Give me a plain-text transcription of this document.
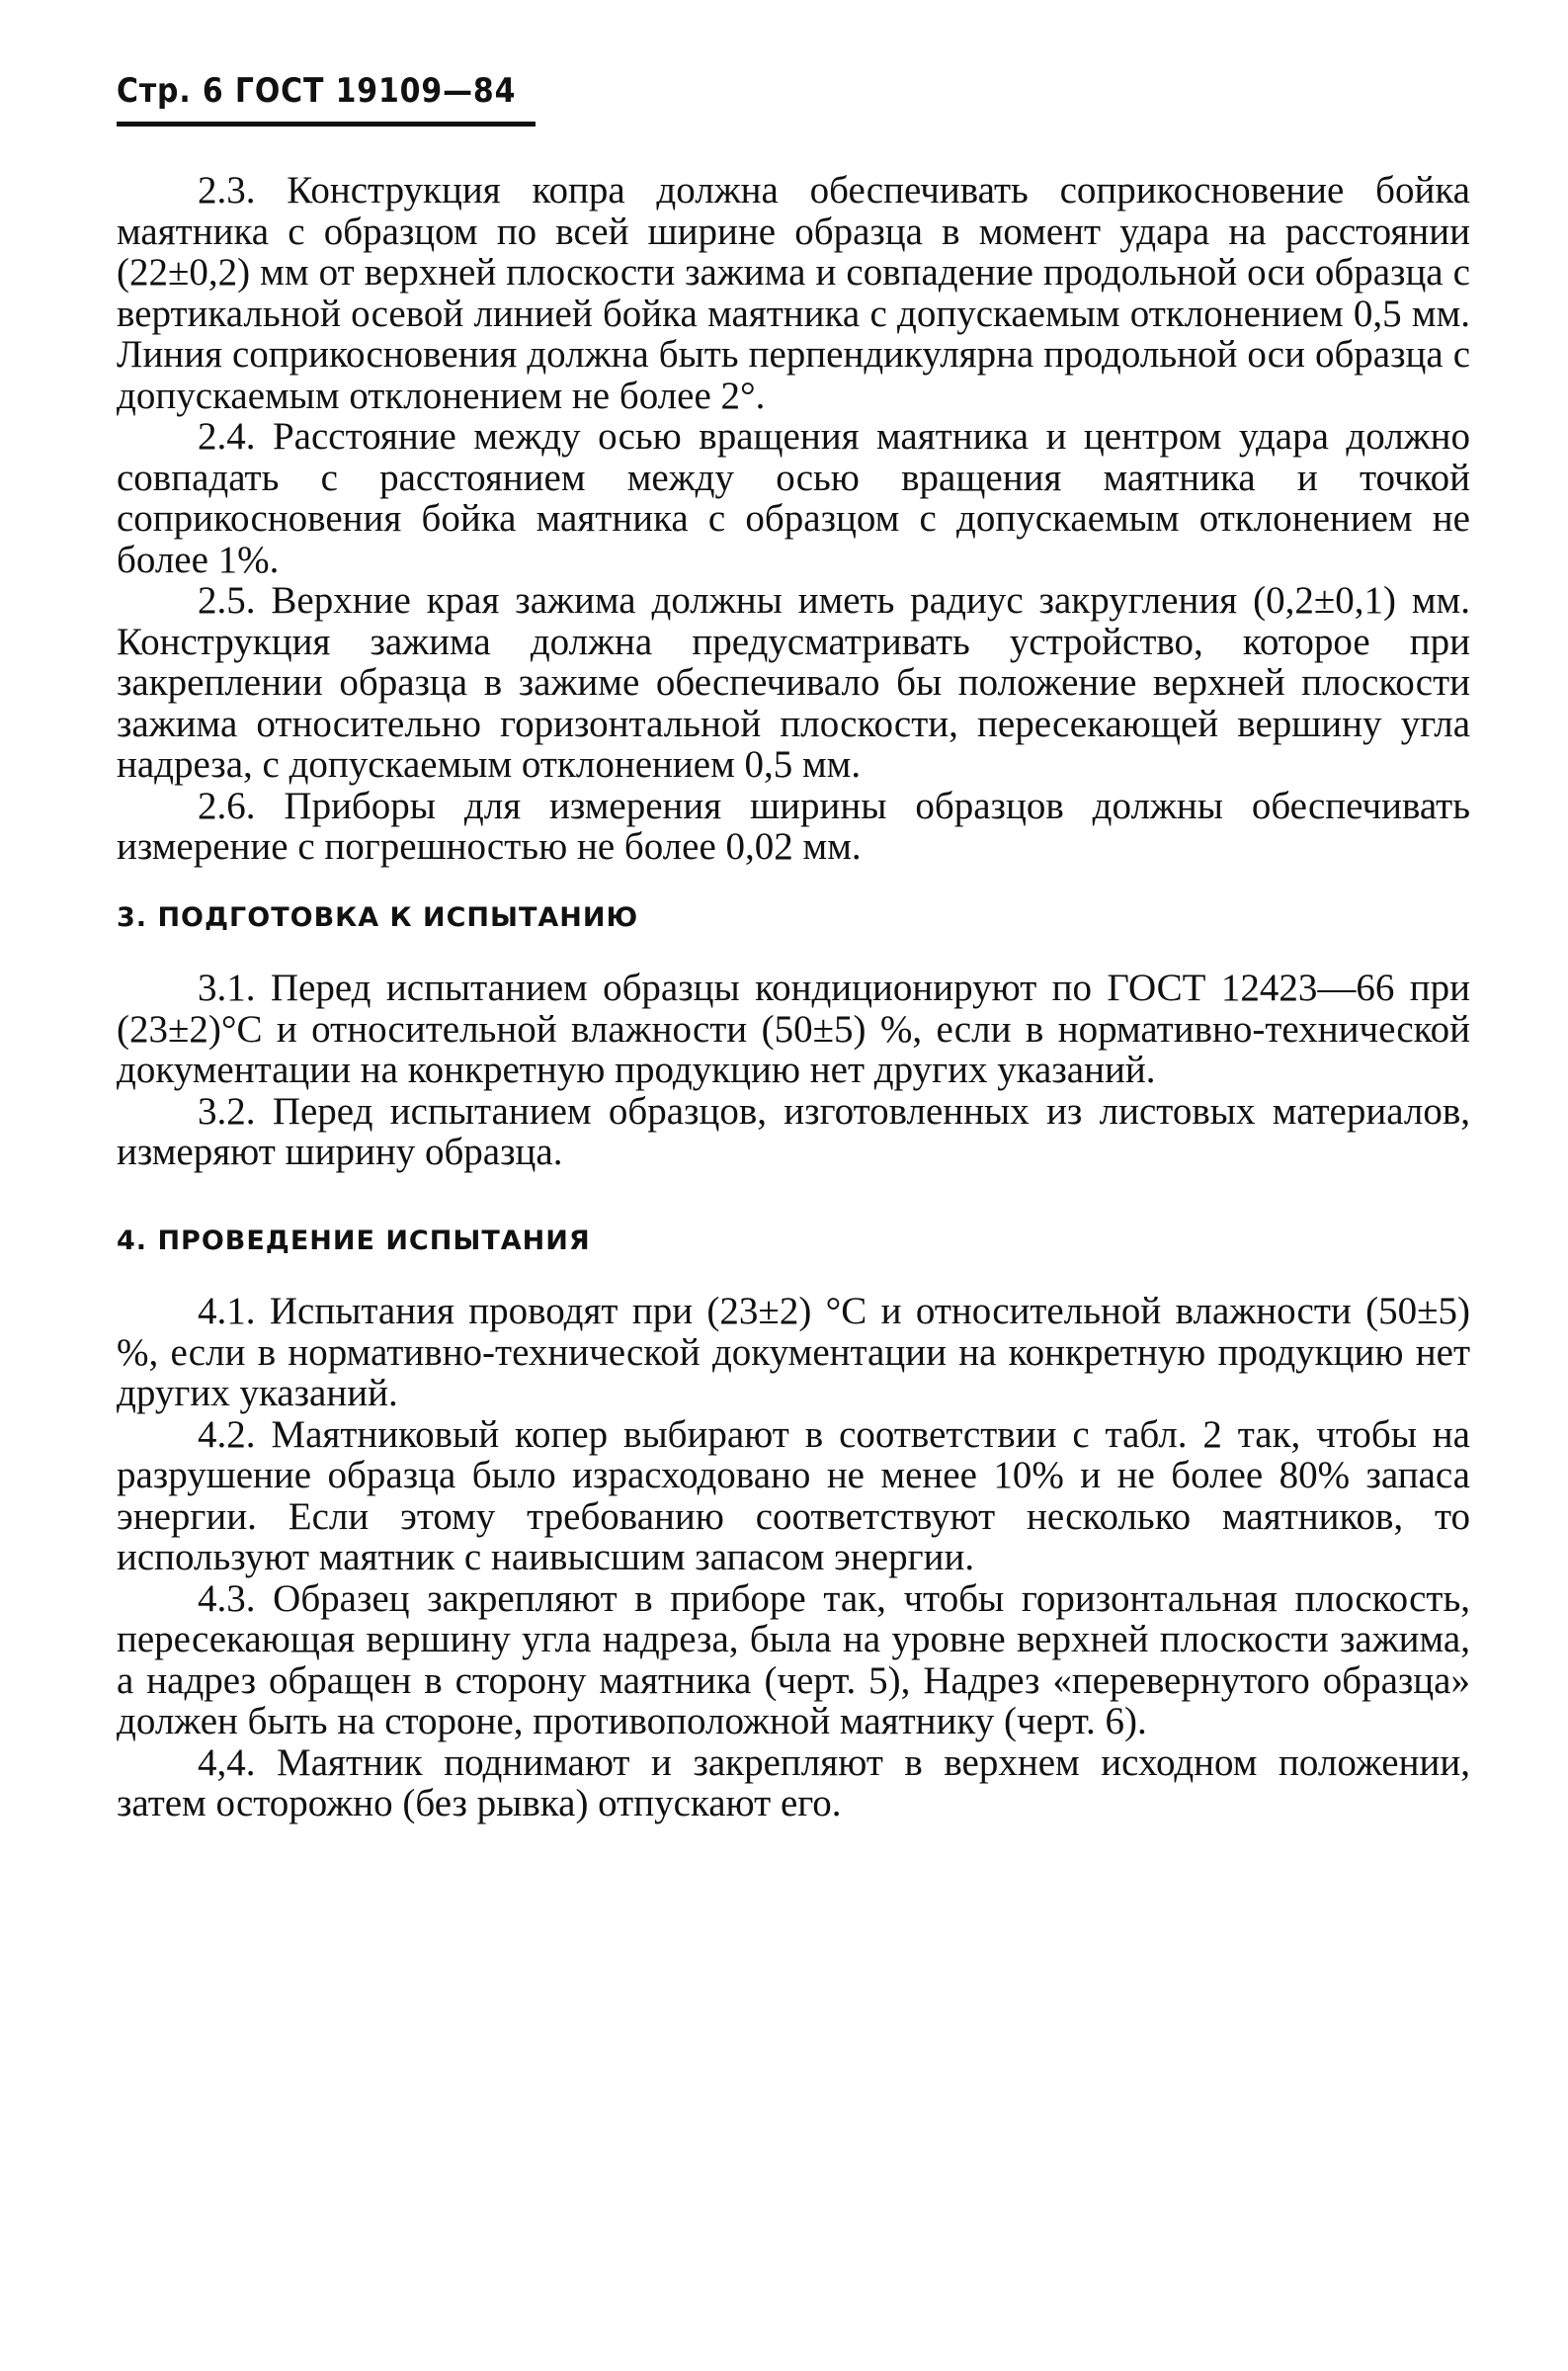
Стр. 6 ГОСТ 19109—84

2.3. Конструкция копра должна обеспечивать соприкосновение бойка маятника с образцом по всей ширине образца в момент удара на расстоянии (22±0,2) мм от верхней плоскости зажима и совпадение продольной оси образца с вертикальной осевой линией бойка маятника с допускаемым отклонением 0,5 мм. Линия соприкосновения должна быть перпендикулярна продольной оси образца с допускаемым отклонением не более 2°.

2.4. Расстояние между осью вращения маятника и центром удара должно совпадать с расстоянием между осью вращения маятника и точкой соприкосновения бойка маятника с образцом с допускаемым отклонением не более 1%.

2.5. Верхние края зажима должны иметь радиус закругления (0,2±0,1) мм. Конструкция зажима должна предусматривать устройство, которое при закреплении образца в зажиме обеспечивало бы положение верхней плоскости зажима относительно горизонтальной плоскости, пересекающей вершину угла надреза, с допускаемым отклонением 0,5 мм.

2.6. Приборы для измерения ширины образцов должны обеспечивать измерение с погрешностью не более 0,02 мм.

3. ПОДГОТОВКА К ИСПЫТАНИЮ

3.1. Перед испытанием образцы кондиционируют по ГОСТ 12423—66 при (23±2)°С и относительной влажности (50±5) %, если в нормативно-технической документации на конкретную продукцию нет других указаний.

3.2. Перед испытанием образцов, изготовленных из листовых материалов, измеряют ширину образца.

4. ПРОВЕДЕНИЕ ИСПЫТАНИЯ

4.1. Испытания проводят при (23±2) °С и относительной влажности (50±5) %, если в нормативно-технической документации на конкретную продукцию нет других указаний.

4.2. Маятниковый копер выбирают в соответствии с табл. 2 так, чтобы на разрушение образца было израсходовано не менее 10% и не более 80% запаса энергии. Если этому требованию соответствуют несколько маятников, то используют маятник с наивысшим запасом энергии.

4.3. Образец закрепляют в приборе так, чтобы горизонтальная плоскость, пересекающая вершину угла надреза, была на уровне верхней плоскости зажима, а надрез обращен в сторону маятника (черт. 5), Надрез «перевернутого образца» должен быть на стороне, противоположной маятнику (черт. 6).

4,4. Маятник поднимают и закрепляют в верхнем исходном положении, затем осторожно (без рывка) отпускают его.
